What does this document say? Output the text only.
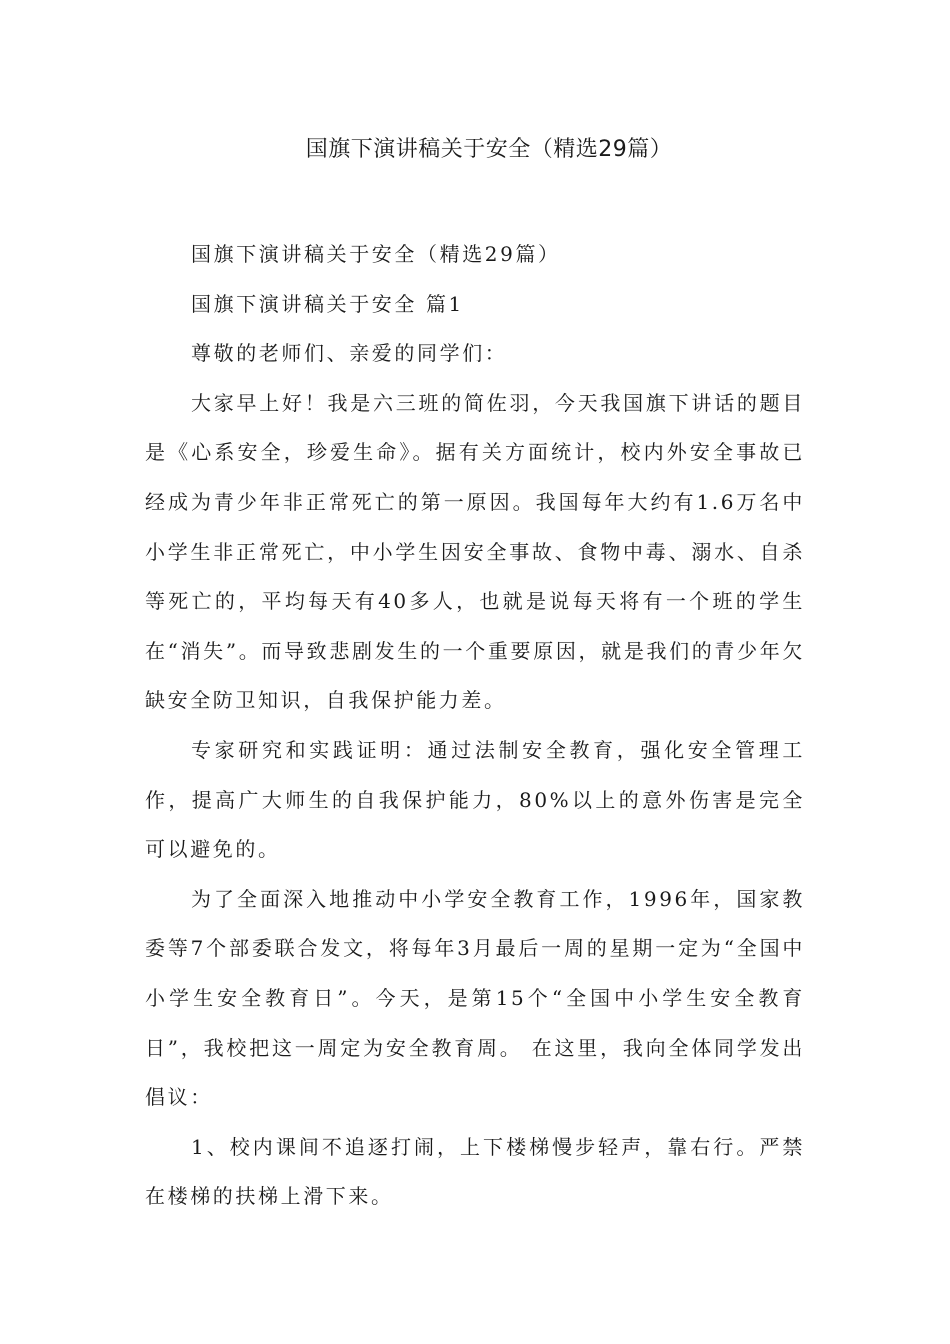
国旗下演讲稿关于安全（精选29篇）

国旗下演讲稿关于安全（精选29篇）

国旗下演讲稿关于安全 篇1

尊敬的老师们、亲爱的同学们：

大家早上好！我是六三班的简佐羽，今天我国旗下讲话的题目是《心系安全，珍爱生命》。据有关方面统计，校内外安全事故已经成为青少年非正常死亡的第一原因。我国每年大约有1.6万名中小学生非正常死亡，中小学生因安全事故、食物中毒、溺水、自杀等死亡的，平均每天有40多人，也就是说每天将有一个班的学生在“消失”。而导致悲剧发生的一个重要原因，就是我们的青少年欠缺安全防卫知识，自我保护能力差。

专家研究和实践证明：通过法制安全教育，强化安全管理工作，提高广大师生的自我保护能力，80%以上的意外伤害是完全可以避免的。

为了全面深入地推动中小学安全教育工作，1996年，国家教委等7个部委联合发文，将每年3月最后一周的星期一定为“全国中小学生安全教育日”。今天，是第15个“全国中小学生安全教育日”，我校把这一周定为安全教育周。 在这里，我向全体同学发出倡议：

1、校内课间不追逐打闹，上下楼梯慢步轻声，靠右行。严禁在楼梯的扶梯上滑下来。
